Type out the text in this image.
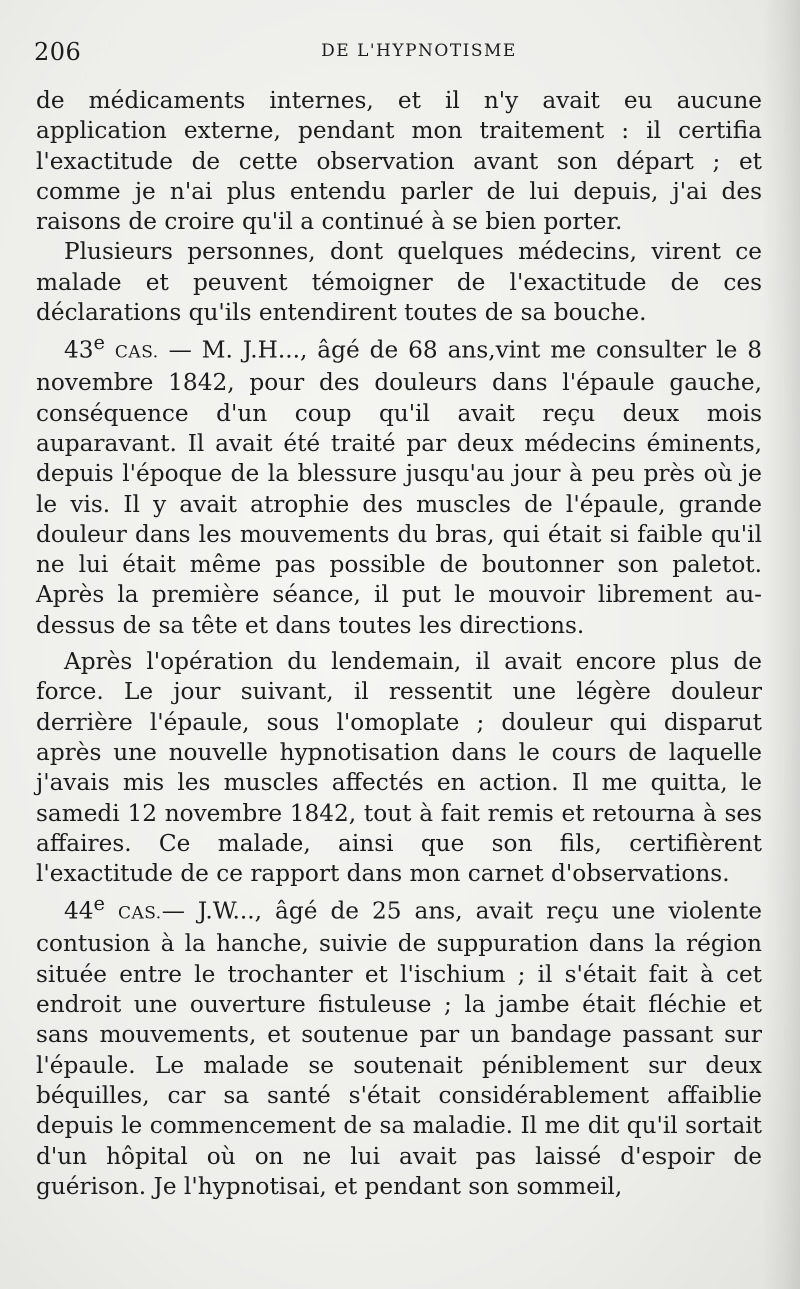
206	DE L'HYPNOTISME

de médicaments internes, et il n'y avait eu aucune application externe, pendant mon traitement : il certifia l'exactitude de cette observation avant son départ ; et comme je n'ai plus entendu parler de lui depuis, j'ai des raisons de croire qu'il a continué à se bien porter.

Plusieurs personnes, dont quelques médecins, virent ce malade et peuvent témoigner de l'exactitude de ces déclarations qu'ils entendirent toutes de sa bouche.

43e CAS. — M. J.H..., âgé de 68 ans,vint me consulter le 8 novembre 1842, pour des douleurs dans l'épaule gauche, conséquence d'un coup qu'il avait reçu deux mois auparavant. Il avait été traité par deux médecins éminents, depuis l'époque de la blessure jusqu'au jour à peu près où je le vis. Il y avait atrophie des muscles de l'épaule, grande douleur dans les mouvements du bras, qui était si faible qu'il ne lui était même pas possible de boutonner son paletot. Après la première séance, il put le mouvoir librement au-dessus de sa tête et dans toutes les directions.

Après l'opération du lendemain, il avait encore plus de force. Le jour suivant, il ressentit une légère douleur derrière l'épaule, sous l'omoplate ; douleur qui disparut après une nouvelle hypnotisation dans le cours de laquelle j'avais mis les muscles affectés en action. Il me quitta, le samedi 12 novembre 1842, tout à fait remis et retourna à ses affaires. Ce malade, ainsi que son fils, certifièrent l'exactitude de ce rapport dans mon carnet d'observations.

44e CAS.— J.W..., âgé de 25 ans, avait reçu une violente contusion à la hanche, suivie de suppuration dans la région située entre le trochanter et l'ischium ; il s'était fait à cet endroit une ouverture fistuleuse ; la jambe était fléchie et sans mouvements, et soutenue par un bandage passant sur l'épaule. Le malade se soutenait péniblement sur deux béquilles, car sa santé s'était considérablement affaiblie depuis le commencement de sa maladie. Il me dit qu'il sortait d'un hôpital où on ne lui avait pas laissé d'espoir de guérison. Je l'hypnotisai, et pendant son sommeil,
